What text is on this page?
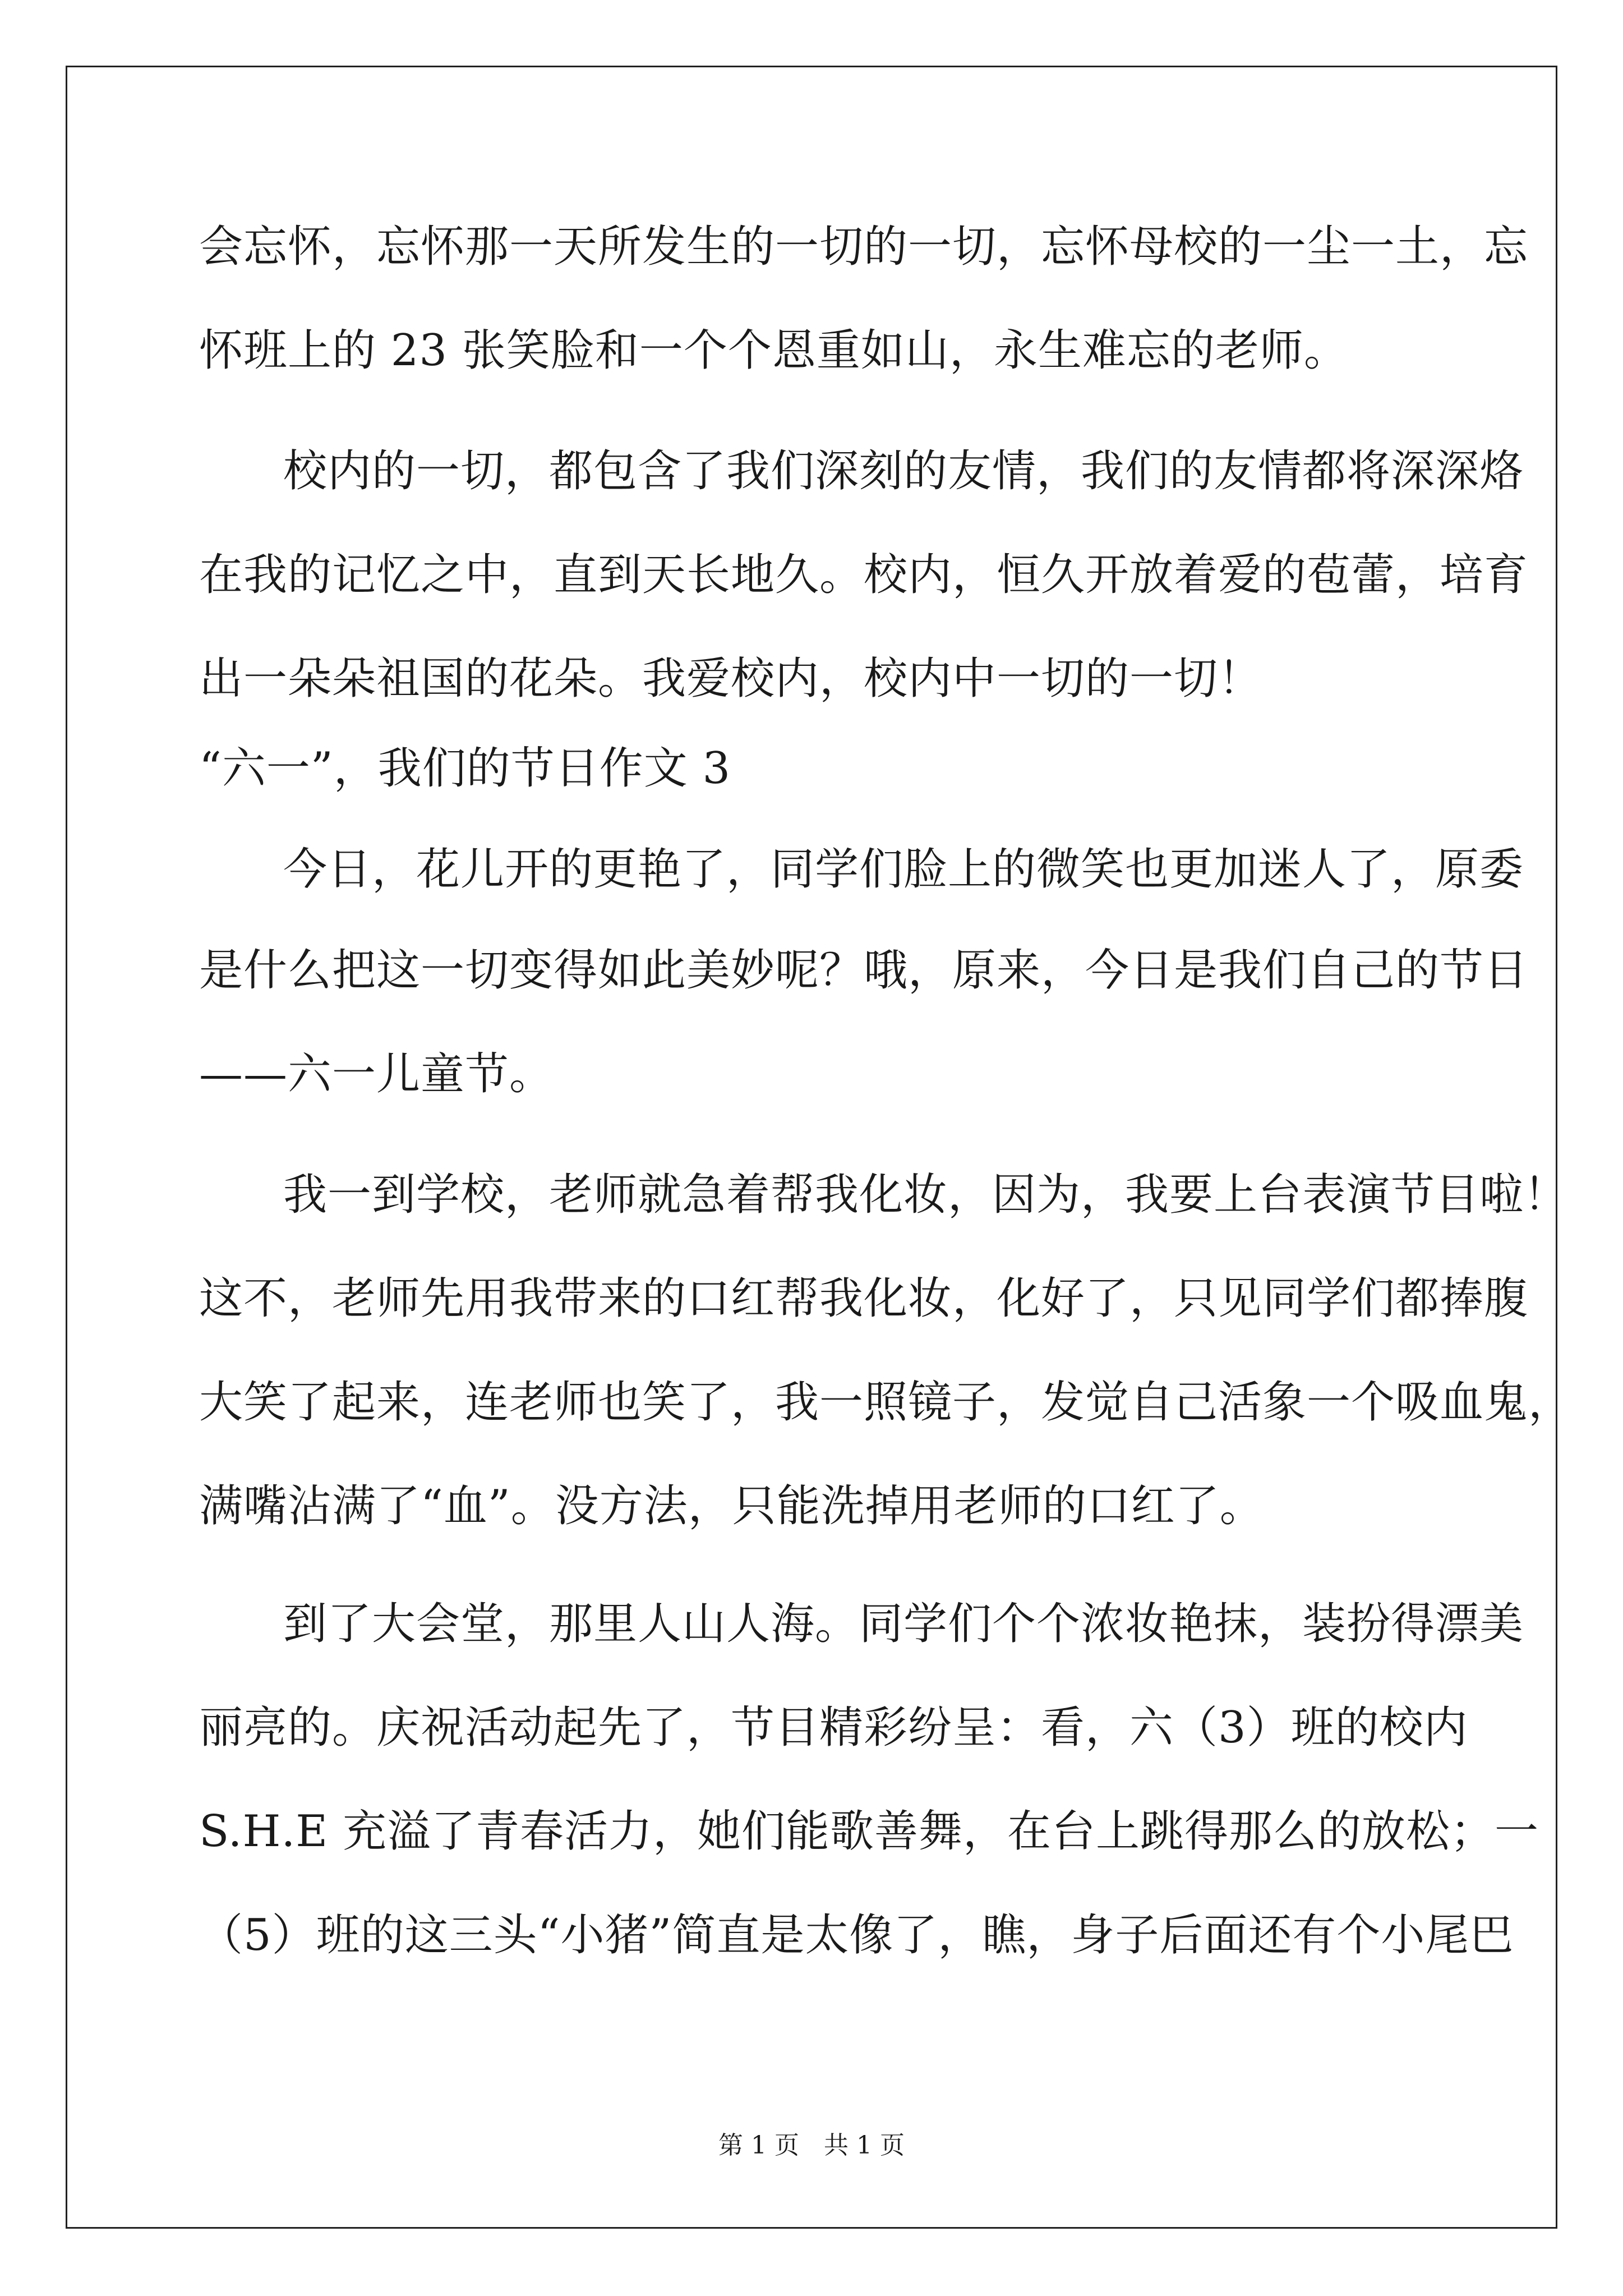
会忘怀，忘怀那一天所发生的一切的一切，忘怀母校的一尘一土，忘
怀班上的 23 张笑脸和一个个恩重如山，永生难忘的老师。
校内的一切，都包含了我们深刻的友情，我们的友情都将深深烙
在我的记忆之中，直到天长地久。校内，恒久开放着爱的苞蕾，培育
出一朵朵祖国的花朵。我爱校内，校内中一切的一切！
“六一”，我们的节日作文 3
今日，花儿开的更艳了，同学们脸上的微笑也更加迷人了，原委
是什么把这一切变得如此美妙呢？哦，原来，今日是我们自己的节日
——六一儿童节。
我一到学校，老师就急着帮我化妆，因为，我要上台表演节目啦！
这不，老师先用我带来的口红帮我化妆，化好了，只见同学们都捧腹
大笑了起来，连老师也笑了，我一照镜子，发觉自己活象一个吸血鬼，
满嘴沾满了“血”。没方法，只能洗掉用老师的口红了。
到了大会堂，那里人山人海。同学们个个浓妆艳抹，装扮得漂美
丽亮的。庆祝活动起先了，节目精彩纷呈：看，六（3）班的校内
S.H.E 充溢了青春活力，她们能歌善舞，在台上跳得那么的放松；一
（5）班的这三头“小猪”简直是太像了，瞧，身子后面还有个小尾巴
第 1 页　共 1 页
